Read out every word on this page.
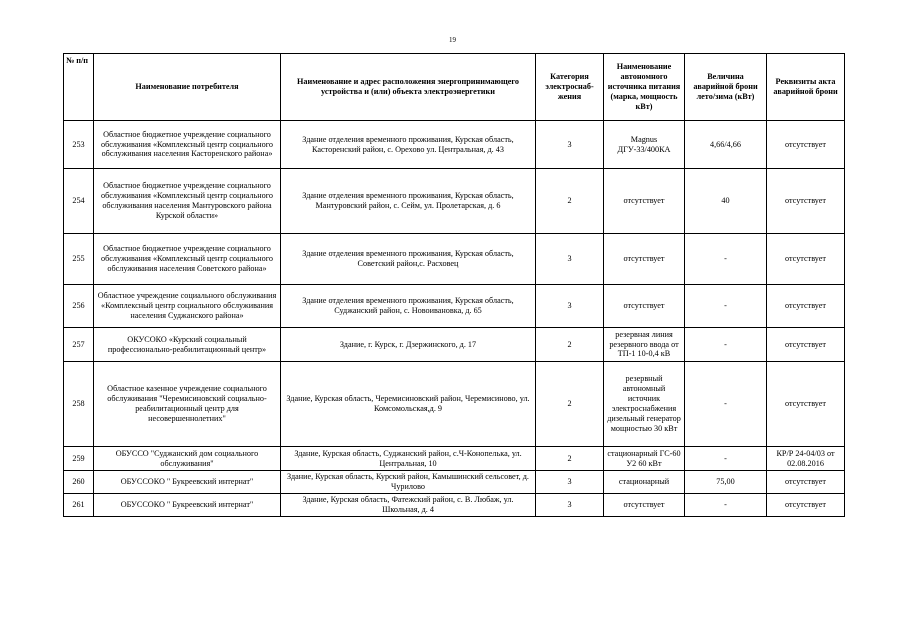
19
№ п/п	Наименование потребителя	Наименование и адрес расположения энергопринимающего устройства и (или) объекта электроэнергетики	Категория электроснаб-жения	Наименование автономного источника питания (марка, мощность кВт)	Величина аварийной брони лето/зима (кВт)	Реквизиты акта аварийной брони
253	Областное бюджетное учреждение социального обслуживания «Комплексный центр социального обслуживания населения Касторенского района»	Здание отделения временного проживания, Курская область, Касторенский район, с. Орехово ул. Центральная, д. 43	3	Magnus ДГУ-33/400КА	4,66/4,66	отсутствует
254	Областное бюджетное учреждение социального обслуживания «Комплексный центр социального обслуживания населения Мантуровского района Курской области»	Здание отделения временного проживания, Курская область, Мантуровский район, с. Сейм, ул. Пролетарская, д. 6	2	отсутствует	40	отсутствует
255	Областное бюджетное учреждение социального обслуживания «Комплексный центр социального обслуживания населения Советского района»	Здание отделения временного проживания, Курская область, Советский район,с. Расховец	3	отсутствует	-	отсутствует
256	Областное учреждение социального обслуживания «Комплексный центр социального обслуживания населения Суджанского района»	Здание отделения временного проживания, Курская область, Суджанский район, с. Новоивановка, д. 65	3	отсутствует	-	отсутствует
257	ОКУСОКО «Курский социальный профессионально-реабилитационный центр»	Здание, г. Курск, г. Дзержинского, д. 17	2	резервная линия резервного ввода от ТП-1 10-0,4 кВ	-	отсутствует
258	Областное казенное учреждение социального обслуживания "Черемисиновский социально-реабилитационный центр для несовершеннолетних"	Здание, Курская область, Черемисиновский район, Черемисиново, ул. Комсомольская,д. 9	2	резервный автономный источник электроснабжения дизельный генератор мощностью 30 кВт	-	отсутствует
259	ОБУССО "Суджанский дом социального обслуживания"	Здание, Курская область, Суджанский район, с.Ч-Конопелька, ул. Центральная, 10	2	стационарный ГС-60 У2 60 кВт	-	КР/Р 24-04/03 от 02.08.2016
260	ОБУССОКО " Букреевский интернат"	Здание, Курская область, Курский район, Камышинский сельсовет, д. Чурилово	3	стационарный	75,00	отсутствует
261	ОБУССОКО " Букреевский интернат"	Здание, Курская область, Фатежский район, с. В. Любаж, ул. Школьная, д. 4	3	отсутствует	-	отсутствует
